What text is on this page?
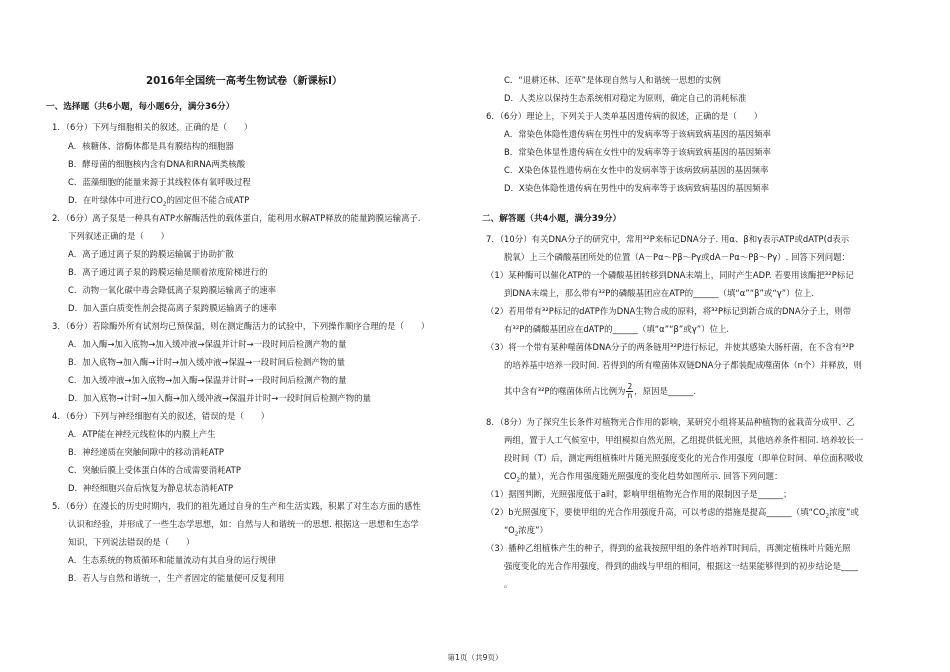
2016年全国统一高考生物试卷（新课标Ⅰ）
一、选择题（共6小题，每小题6分，满分36分）
1．（6分）下列与细胞相关的叙述，正确的是（　　）
A．核糖体、溶酶体都是具有膜结构的细胞器
B．酵母菌的细胞核内含有DNA和RNA两类核酸
C．蓝藻细胞的能量来源于其线粒体有氧呼吸过程
D．在叶绿体中可进行$CO_2$的固定但不能合成ATP
2．（6分）离子泵是一种具有ATP水解酶活性的载体蛋白，能利用水解ATP释放的能量跨膜运输离子.
下列叙述正确的是（　　）
A．离子通过离子泵的跨膜运输属于协助扩散
B．离子通过离子泵的跨膜运输是顺着浓度阶梯进行的
C．动物一氧化碳中毒会降低离子泵跨膜运输离子的速率
D．加入蛋白质变性剂会提高离子泵跨膜运输离子的速率
3．（6分）若除酶外所有试剂均已预保温，则在测定酶活力的试验中，下列操作顺序合理的是（　　）
A．加入酶→加入底物→加入缓冲液→保温并计时→一段时间后检测产物的量
B．加入底物→加入酶→计时→加入缓冲液→保温→一段时间后检测产物的量
C．加入缓冲液→加入底物→加入酶→保温并计时→一段时间后检测产物的量
D．加入底物→计时→加入酶→加入缓冲液→保温并计时→一段时间后检测产物的量
4．（6分）下列与神经细胞有关的叙述，错误的是（　　）
A．ATP能在神经元线粒体的内膜上产生
B．神经递质在突触间隙中的移动消耗ATP
C．突触后膜上受体蛋白体的合成需要消耗ATP
D．神经细胞兴奋后恢复为静息状态消耗ATP
5．（6分）在漫长的历史时期内，我们的祖先通过自身的生产和生活实践，积累了对生态方面的感性
认识和经验，并形成了一些生态学思想，如：自然与人和谐统一的思想. 根据这一思想和生态学
知识，下列说法错误的是（　　）
A．生态系统的物质循环和能量流动有其自身的运行规律
B．若人与自然和谐统一，生产者固定的能量便可反复利用
C．“退耕还林、还草”是体现自然与人和谐统一思想的实例
D．人类应以保持生态系统相对稳定为原则，确定自己的消耗标准
6．（6分）理论上，下列关于人类单基因遗传病的叙述，正确的是（　　）
A．常染色体隐性遗传病在男性中的发病率等于该病致病基因的基因频率
B．常染色体显性遗传病在女性中的发病率等于该病致病基因的基因频率
C．X染色体显性遗传病在女性中的发病率等于该病致病基因的基因频率
D．X染色体隐性遗传病在男性中的发病率等于该病致病基因的基因频率
二、解答题（共4小题，满分39分）
7．（10分）有关DNA分子的研究中，常用³²P来标记DNA分子. 用α、β和γ表示ATP或dATP(d表示
脱氧）上三个磷酸基团所处的位置（A－Pα～Pβ～Pγ或dA－Pα～Pβ～Pγ）. 回答下列问题：
（1）某种酶可以催化ATP的一个磷酸基团转移到DNA末端上，同时产生ADP. 若要用该酶把³²P标记
到DNA末端上，那么带有³²P的磷酸基团应在ATP的______（填“α”“β”或“γ”）位上.
（2）若用带有³²P标记的dATP作为DNA生物合成的原料，将³²P标记到新合成的DNA分子上，则带
有³²P的磷酸基团应在dATP的______（填“α”“β”或γ”）位上.
（3）将一个带有某种噬菌体DNA分子的两条链用³²P进行标记，并使其感染大肠杆菌，在不含有³²P
的培养基中培养一段时间. 若得到的所有噬菌体双链DNA分子都装配成噬菌体（n个）并释放，则
其中含有³²P的噬菌体所占比例为 $\frac{2}{n}$ ，原因是______.
8．（8分）为了探究生长条件对植物光合作用的影响，某研究小组将某品种植物的盆栽苗分成甲、乙
两组，置于人工气候室中，甲组模拟自然光照，乙组提供低光照，其他培养条件相同. 培养较长一
段时间（T）后，测定两组植株叶片随光照强度变化的光合作用强度（即单位时间、单位面积吸收
$CO_2$的量），光合作用强度随光照强度的变化趋势如图所示. 回答下列问题：
（1）据图判断，光照强度低于a时，影响甲组植物光合作用的限制因子是______；
（2）b光照强度下，要使甲组的光合作用强度升高，可以考虑的措施是提高______（填“$CO_2$浓度”或
“$O_2$浓度”）
（3）播种乙组植株产生的种子，得到的盆栽按照甲组的条件培养T时间后，再测定植株叶片随光照
强度变化的光合作用强度，得到的曲线与甲组的相同，根据这一结果能够得到的初步结论是____
。
第1页（共9页）
